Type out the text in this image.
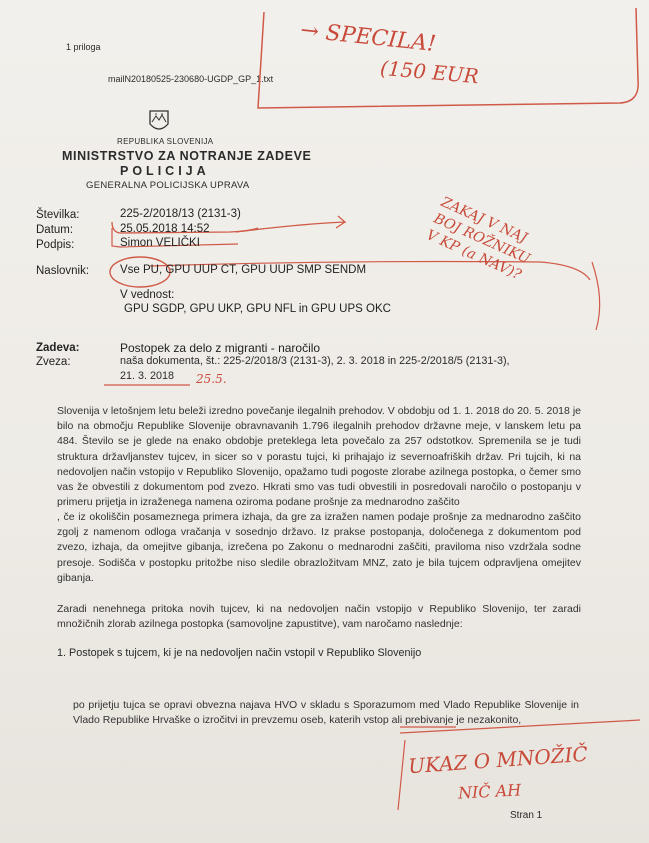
1 priloga
mailN20180525-230680-UGDP_GP_1.txt
REPUBLIKA SLOVENIJA
MINISTRSTVO ZA NOTRANJE ZADEVE
POLICIJA
GENERALNA POLICIJSKA UPRAVA
Številka:	225-2/2018/13 (2131-3)
Datum:	25.05.2018 14:52
Podpis:	Simon VELIČKI
Naslovnik:	Vse PU, GPU UUP CT, GPU UUP SMP SENDM
V vednost:
GPU SGDP, GPU UKP, GPU NFL in GPU UPS OKC
Zadeva:	Postopek za delo z migranti - naročilo
Zveza:	naša dokumenta, št.: 225-2/2018/3 (2131-3), 2. 3. 2018 in 225-2/2018/5 (2131-3),
21. 3. 2018
Slovenija v letošnjem letu beleži izredno povečanje ilegalnih prehodov. V obdobju od 1. 1. 2018 do 20. 5. 2018 je bilo na območju Republike Slovenije obravnavanih 1.796 ilegalnih prehodov državne meje, v lanskem letu pa 484. Število se je glede na enako obdobje preteklega leta povečalo za 257 odstotkov. Spremenila se je tudi struktura državljanstev tujcev, in sicer so v porastu tujci, ki prihajajo iz severnoafriških držav. Pri tujcih, ki na nedovoljen način vstopijo v Republiko Slovenijo, opažamo tudi pogoste zlorabe azilnega postopka, o čemer smo vas že obvestili z dokumentom pod zvezo. Hkrati smo vas tudi obvestili in posredovali naročilo o postopanju v primeru prijetja in izraženega namena oziroma podane prošnje za mednarodno zaščito
, če iz okoliščin posameznega primera izhaja, da gre za izražen namen podaje prošnje za mednarodno zaščito zgolj z namenom odloga vračanja v sosednjo državo. Iz prakse postopanja, določenega z dokumentom pod zvezo, izhaja, da omejitve gibanja, izrečena po Zakonu o mednarodni zaščiti, praviloma niso vzdržala sodne presoje. Sodišča v postopku pritožbe niso sledile obrazložitvam MNZ, zato je bila tujcem odpravljena omejitev gibanja.
Zaradi nenehnega pritoka novih tujcev, ki na nedovoljen način vstopijo v Republiko Slovenijo, ter zaradi množičnih zlorab azilnega postopka (samovoljne zapustitve), vam naročamo naslednje:
1. Postopek s tujcem, ki je na nedovoljen način vstopil v Republiko Slovenijo
po prijetju tujca se opravi obvezna najava HVO v skladu s Sporazumom med Vlado Republike Slovenije in Vlado Republike Hrvaške o izročitvi in prevzemu oseb, katerih vstop ali prebivanje je nezakonito,
Stran 1
→ SPECILA!
(150 EUR
ZAKAJ V NAJ
BOJ ROŽNIKU
V KP (a NAV)?
25.5.
UKAZ O MNOŽIČ
NIČ AH
